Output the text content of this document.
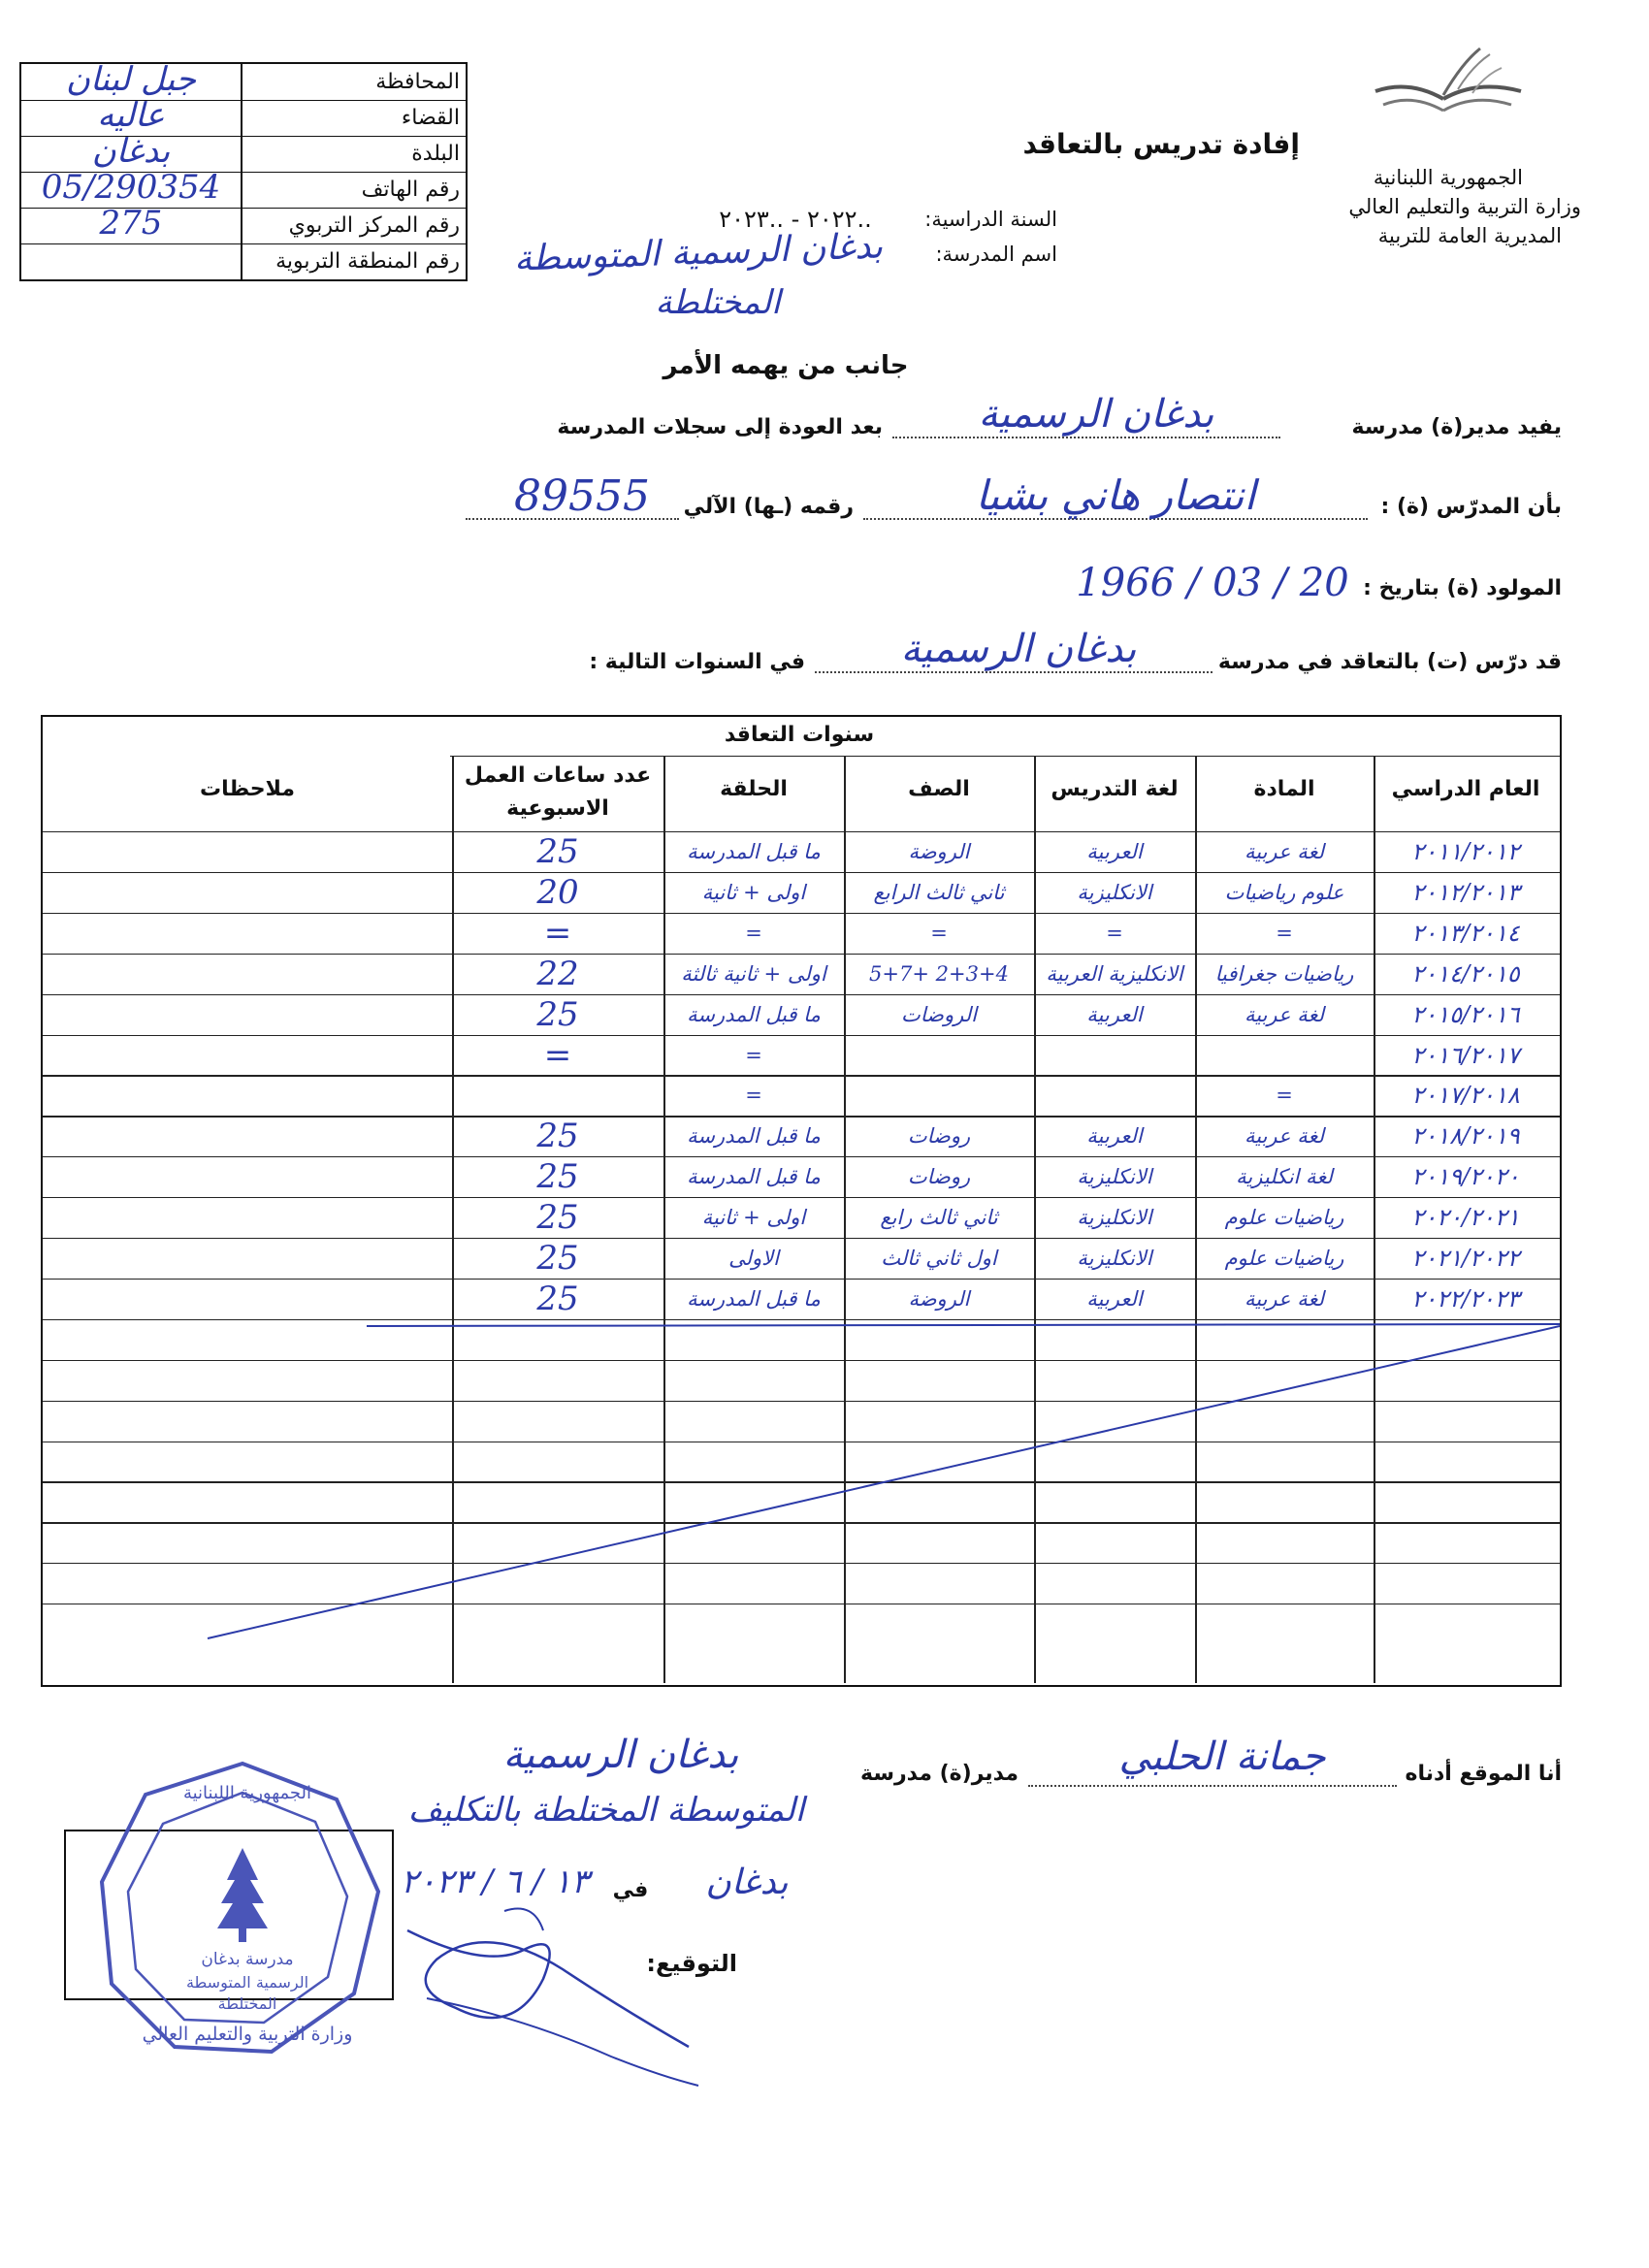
الجمهورية اللبنانية
وزارة التربية والتعليم العالي
المديرية العامة للتربية
إفادة تدريس بالتعاقد
السنة الدراسية:
..٢٠٢٢ - ..٢٠٢٣
اسم المدرسة:
بدغان الرسمية المتوسطة
المختلطة
المحافظة
جبل لبنان
القضاء
عاليه
البلدة
بدغان
رقم الهاتف
05/290354
رقم المركز التربوي
275
رقم المنطقة التربوية
جانب من يهمه الأمر
يفيد مدير(ة) مدرسة
بدغان الرسمية
بعد العودة إلى سجلات المدرسة
بأن المدرّس (ة) :
انتصار هاني بشيا
رقمه (ـها) الآلي
89555
المولود (ة) بتاريخ :
1966 / 03 / 20
قد درّس (ت) بالتعاقد في مدرسة
بدغان الرسمية
في السنوات التالية :
سنوات التعاقد
العام الدراسي
المادة
لغة التدريس
الصف
الحلقة
عدد ساعات العمل الاسبوعية
ملاحظات
٢٠١١/٢٠١٢
لغة عربية
العربية
الروضة
ما قبل المدرسة
25
٢٠١٢/٢٠١٣
علوم رياضيات
الانكليزية
ثاني ثالث الرابع
اولى + ثانية
20
٢٠١٣/٢٠١٤
=
=
=
=
=
٢٠١٤/٢٠١٥
رياضيات جغرافيا
الانكليزية العربية
2+3+4 +5+7
اولى + ثانية ثالثة
22
٢٠١٥/٢٠١٦
لغة عربية
العربية
الروضات
ما قبل المدرسة
25
٢٠١٦/٢٠١٧
=
=
٢٠١٧/٢٠١٨
=
=
٢٠١٨/٢٠١٩
لغة عربية
العربية
روضات
ما قبل المدرسة
25
٢٠١٩/٢٠٢٠
لغة انكليزية
الانكليزية
روضات
ما قبل المدرسة
25
٢٠٢٠/٢٠٢١
رياضيات علوم
الانكليزية
ثاني ثالث رابع
اولى + ثانية
25
٢٠٢١/٢٠٢٢
رياضيات علوم
الانكليزية
اول ثاني ثالث
الاولى
25
٢٠٢٢/٢٠٢٣
لغة عربية
العربية
الروضة
ما قبل المدرسة
25
أنا الموقع أدناه
جمانة الحلبي
مدير(ة) مدرسة
بدغان الرسمية
المتوسطة المختلطة بالتكليف
بدغان
في
١٣ / ٦ / ٢٠٢٣
التوقيع:
الجمهورية اللبنانية
مدرسة بدغان
الرسمية المتوسطة
المختلطة
وزارة التربية والتعليم العالي
